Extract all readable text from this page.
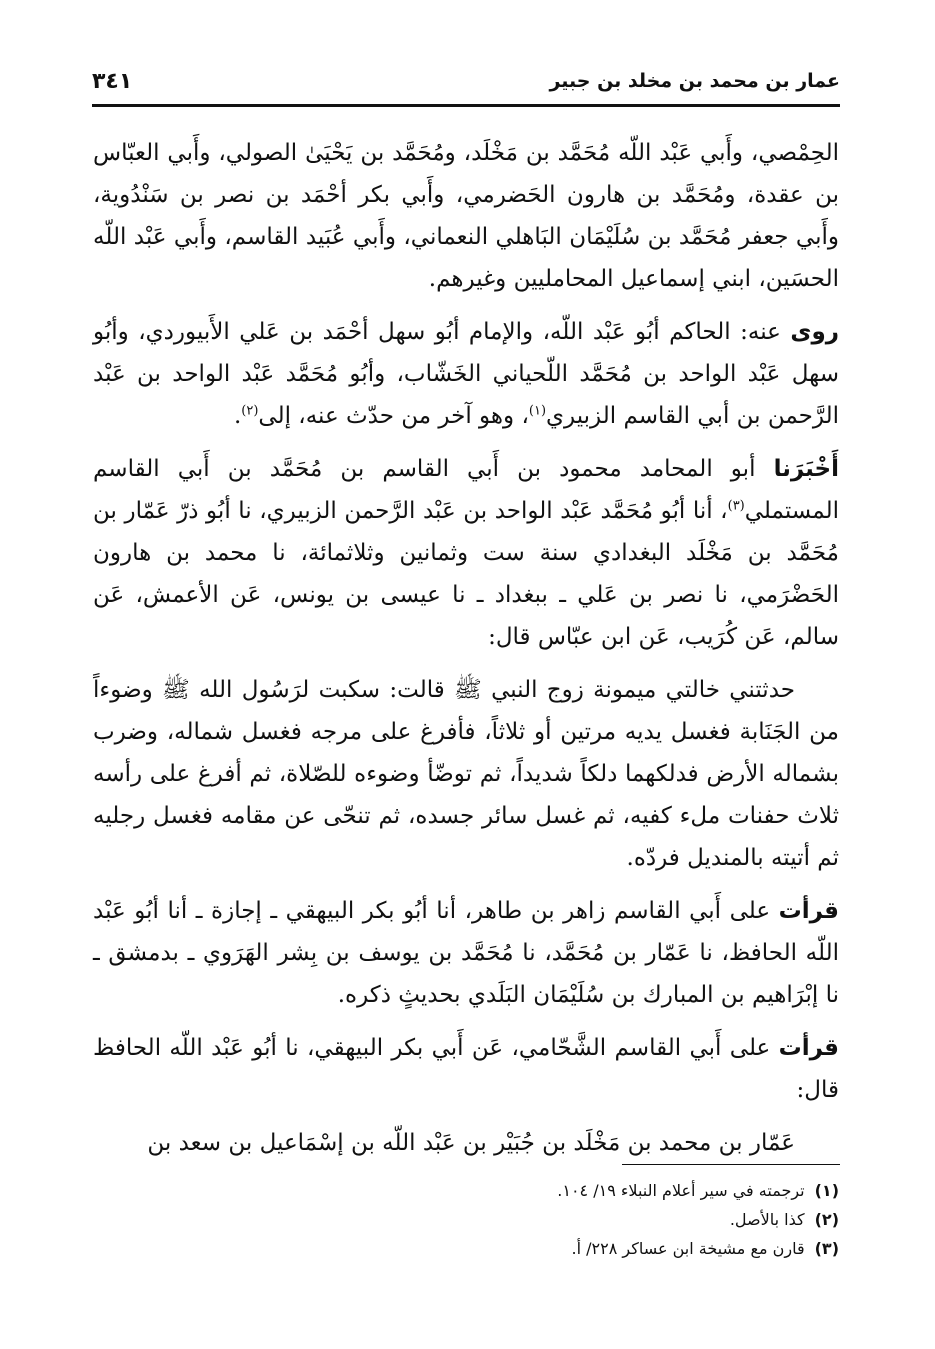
عمار بن محمد بن مخلد بن جبير
٣٤١

الحِمْصي، وأَبي عَبْد اللّه مُحَمَّد بن مَخْلَد، ومُحَمَّد بن يَحْيَىٰ الصولي، وأَبي العبّاس بن عقدة، ومُحَمَّد بن هارون الحَضرمي، وأَبي بكر أحْمَد بن نصر بن سَنْدُوية، وأَبي جعفر مُحَمَّد بن سُلَيْمَان البَاهلي النعماني، وأَبي عُبَيد القاسم، وأَبي عَبْد اللّه الحسَين، ابني إسماعيل المحامليين وغيرهم.

روى عنه: الحاكم أبُو عَبْد اللّه، والإمام أبُو سهل أحْمَد بن عَلي الأَبيوردي، وأبُو سهل عَبْد الواحد بن مُحَمَّد اللّحياني الخَشّاب، وأبُو مُحَمَّد عَبْد الواحد بن عَبْد الرَّحمن بن أبي القاسم الزبيري$^{(١)}$، وهو آخر من حدّث عنه، إلى$^{(٢)}$.

أَخْبَرَنا أبو المحامد محمود بن أَبي القاسم بن مُحَمَّد بن أَبي القاسم المستملي$^{(٣)}$، أنا أبُو مُحَمَّد عَبْد الواحد بن عَبْد الرَّحمن الزبيري، نا أبُو ذرّ عَمّار بن مُحَمَّد بن مَخْلَد البغدادي سنة ست وثمانين وثلاثمائة، نا محمد بن هارون الحَضْرَمي، نا نصر بن عَلي ـ ببغداد ـ نا عيسى بن يونس، عَن الأعمش، عَن سالم، عَن كُرَيب، عَن ابن عبّاس قال:

حدثتني خالتي ميمونة زوج النبي ﷺ قالت: سكبت لرَسُول الله ﷺ وضوءاً من الجَنَابة فغسل يديه مرتين أو ثلاثاً، فأفرغ على مرجه فغسل شماله، وضرب بشماله الأرض فدلكهما دلكاً شديداً، ثم توضّأ وضوءه للصّلاة، ثم أفرغ على رأسه ثلاث حفنات ملء كفيه، ثم غسل سائر جسده، ثم تنحّى عن مقامه فغسل رجليه ثم أتيته بالمنديل فردّه.

قرأت على أَبي القاسم زاهر بن طاهر، أنا أبُو بكر البيهقي ـ إجازة ـ أنا أبُو عَبْد اللّه الحافظ، نا عَمّار بن مُحَمَّد، نا مُحَمَّد بن يوسف بن بِشر الهَرَوي ـ بدمشق ـ نا إبْرَاهيم بن المبارك بن سُلَيْمَان البَلَدي بحديثٍ ذكره.

قرأت على أَبي القاسم الشَّحّامي، عَن أَبي بكر البيهقي، نا أبُو عَبْد اللّه الحافظ قال:

عَمّار بن محمد بن مَخْلَد بن جُبَيْر بن عَبْد اللّه بن إسْمَاعيل بن سعد بن

(١)
ترجمته في سير أعلام النبلاء ١٩/ ١٠٤.
(٢)
كذا بالأصل.
(٣)
قارن مع مشيخة ابن عساكر ٢٢٨/ أ.
